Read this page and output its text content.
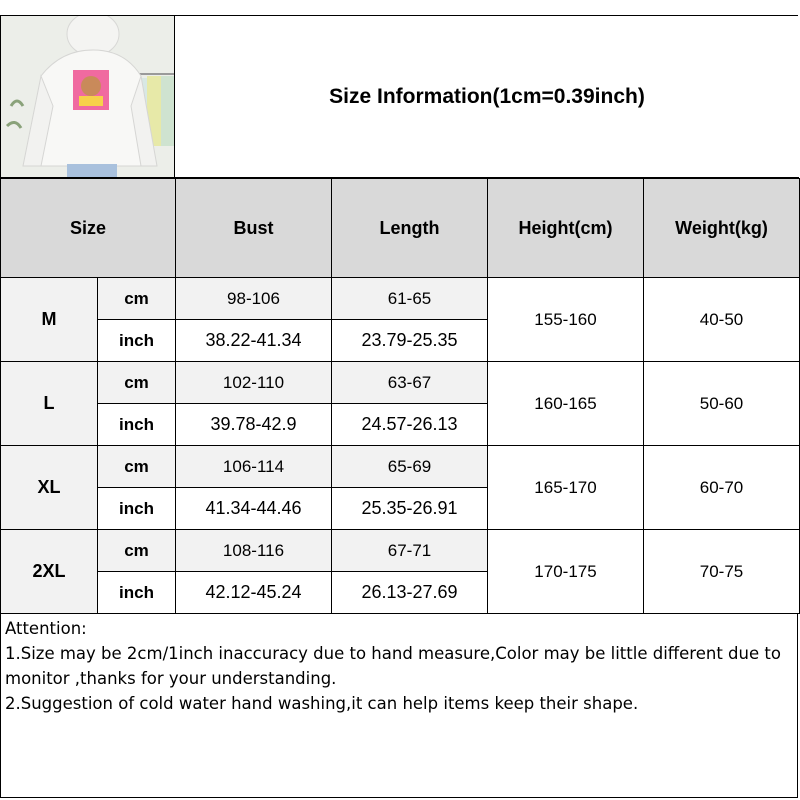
Size Information(1cm=0.39inch)
Size		Bust	Length	Height(cm)	Weight(kg)
M	cm	98-106	61-65	155-160	40-50
	inch	38.22-41.34	23.79-25.35		
L	cm	102-110	63-67	160-165	50-60
	inch	39.78-42.9	24.57-26.13		
XL	cm	106-114	65-69	165-170	60-70
	inch	41.34-44.46	25.35-26.91		
2XL	cm	108-116	67-71	170-175	70-75
	inch	42.12-45.24	26.13-27.69		
Attention:
1.Size may be 2cm/1inch inaccuracy due to hand measure,Color may be little different due to monitor ,thanks for your understanding.
2.Suggestion of cold water hand washing,it can help items keep their shape.
